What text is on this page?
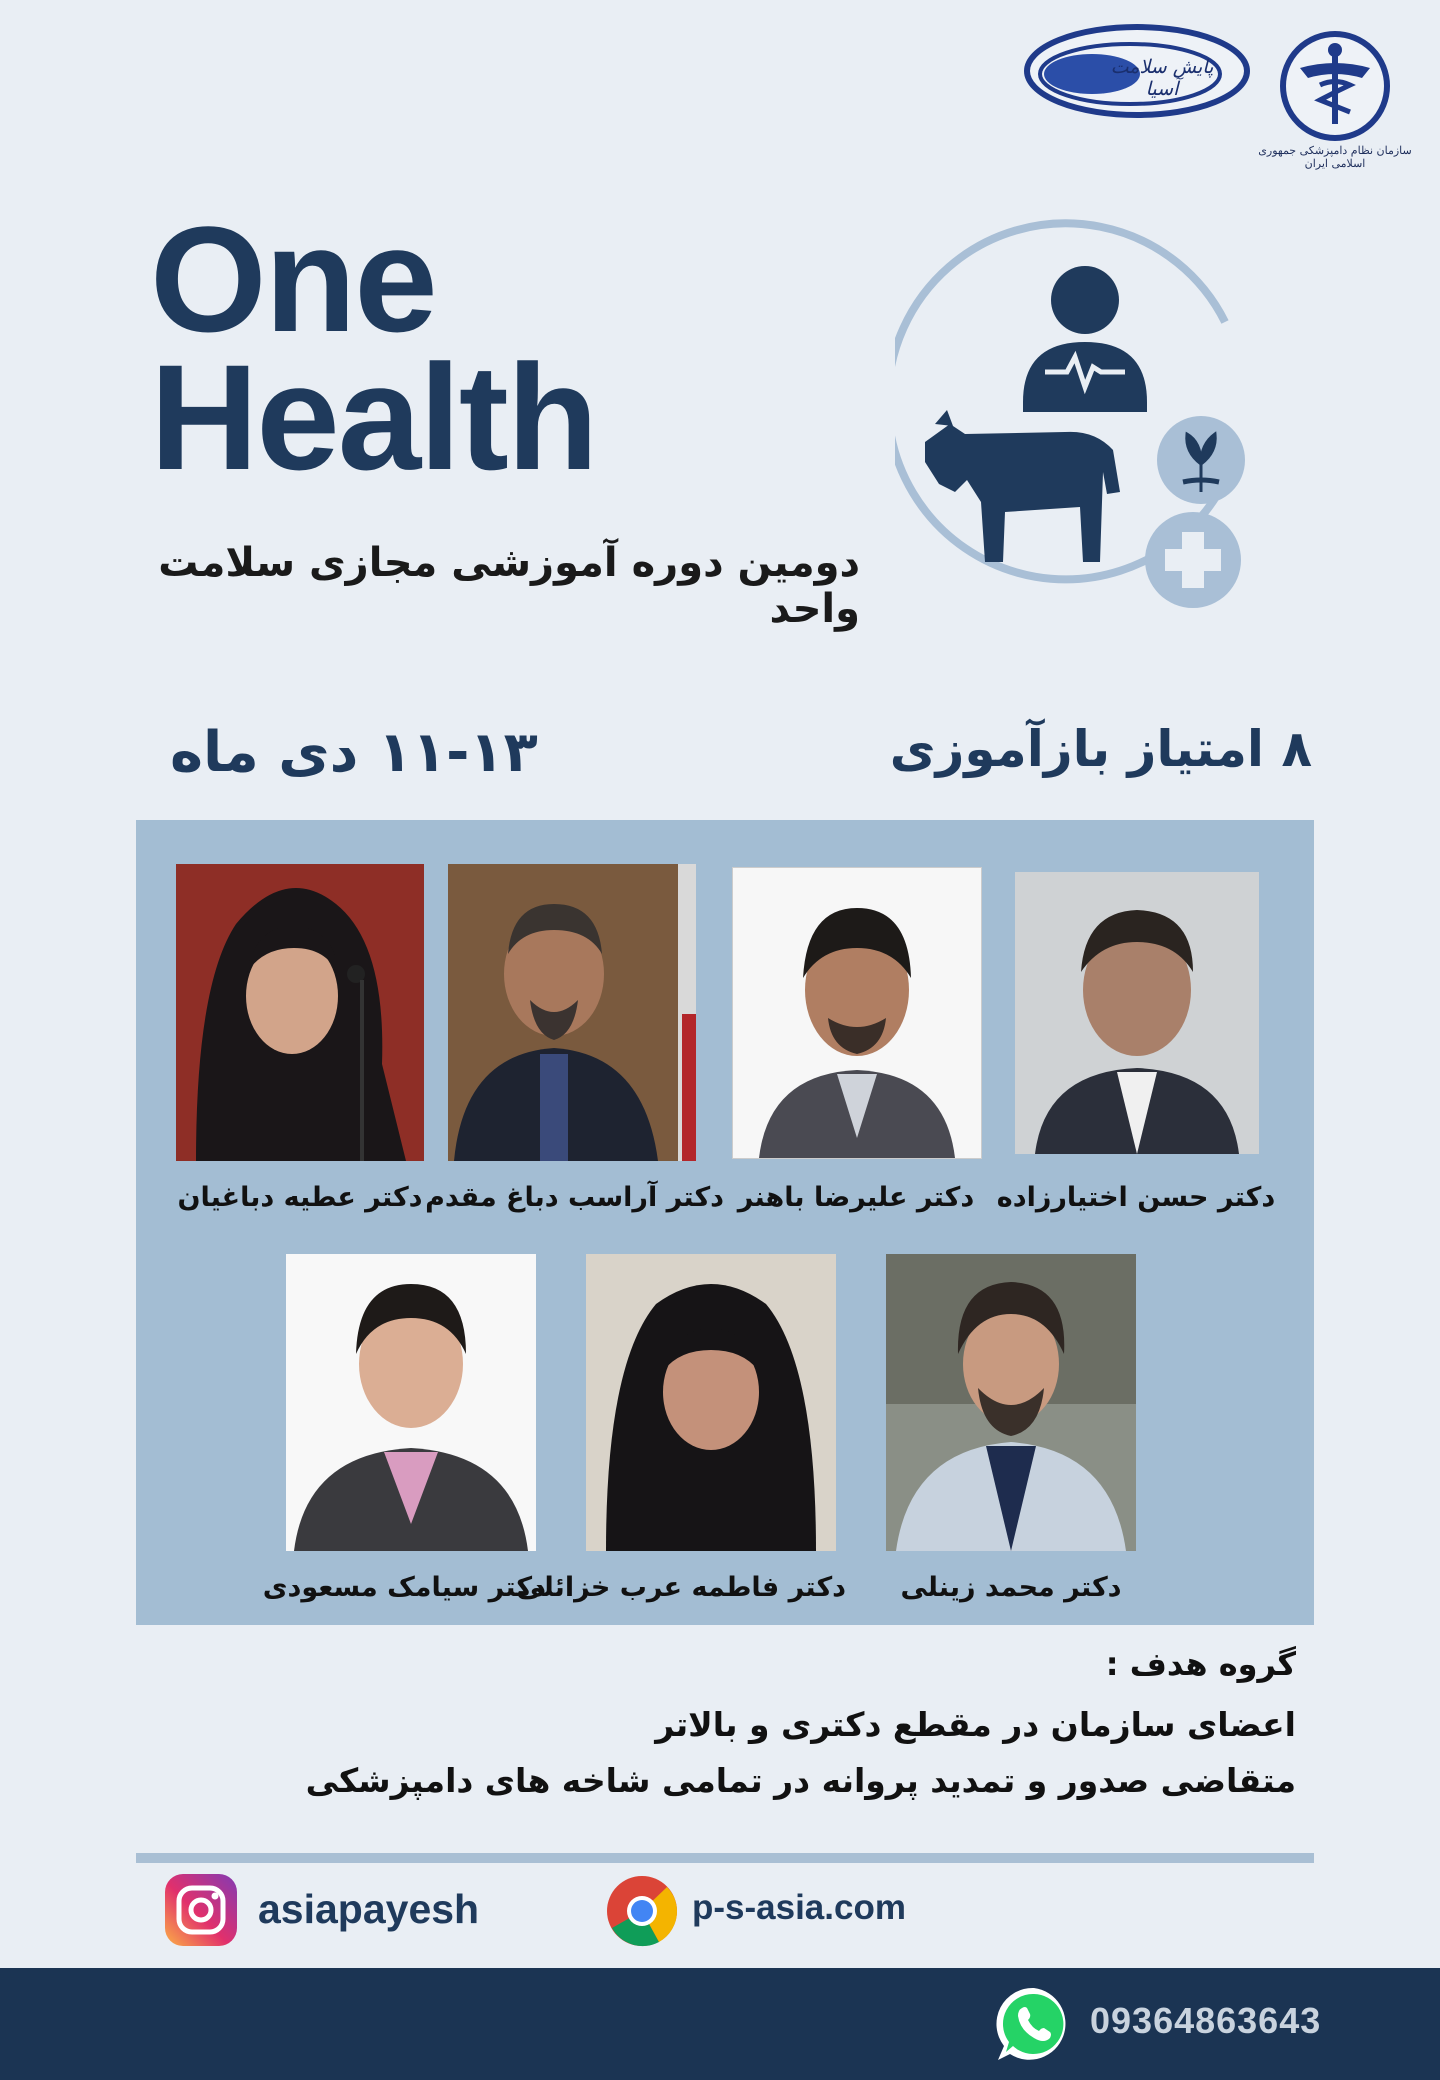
پایش سلامت آسیا
سازمان نظام دامپزشکی جمهوری اسلامی ایران
One
Health
دومین دوره آموزشی مجازی سلامت واحد
۱۱-۱۳ دی ماه	۸ امتیاز بازآموزی
دکتر حسن اختیارزاده
دکتر علیرضا باهنر
دکتر آراسب دباغ مقدم
دکتر عطیه دباغیان
دکتر محمد زینلی
دکتر فاطمه عرب خزائلی
دکتر سیامک مسعودی
گروه هدف :
اعضای سازمان در مقطع دکتری و بالاتر
متقاضی صدور و تمدید پروانه در تمامی شاخه های دامپزشکی
asiapayesh	p-s-asia.com
09364863643
